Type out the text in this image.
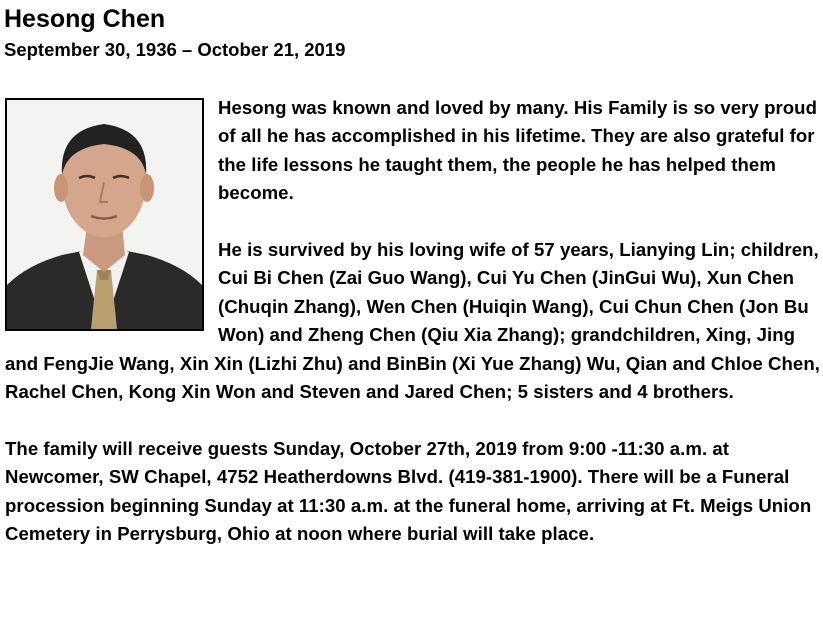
Hesong Chen
September 30, 1936 – October 21, 2019

Hesong was known and loved by many. His Family is so very proud of all he has accomplished in his lifetime. They are also grateful for the life lessons he taught them, the people he has helped them become.

He is survived by his loving wife of 57 years, Lianying Lin; children, Cui Bi Chen (Zai Guo Wang), Cui Yu Chen (JinGui Wu), Xun Chen (Chuqin Zhang), Wen Chen (Huiqin Wang), Cui Chun Chen (Jon Bu Won) and Zheng Chen (Qiu Xia Zhang); grandchildren, Xing, Jing and FengJie Wang, Xin Xin (Lizhi Zhu) and BinBin (Xi Yue Zhang) Wu, Qian and Chloe Chen, Rachel Chen, Kong Xin Won and Steven and Jared Chen; 5 sisters and 4 brothers.

The family will receive guests Sunday, October 27th, 2019 from 9:00 -11:30 a.m. at Newcomer, SW Chapel, 4752 Heatherdowns Blvd. (419-381-1900). There will be a Funeral procession beginning Sunday at 11:30 a.m. at the funeral home, arriving at Ft. Meigs Union Cemetery in Perrysburg, Ohio at noon where burial will take place.
